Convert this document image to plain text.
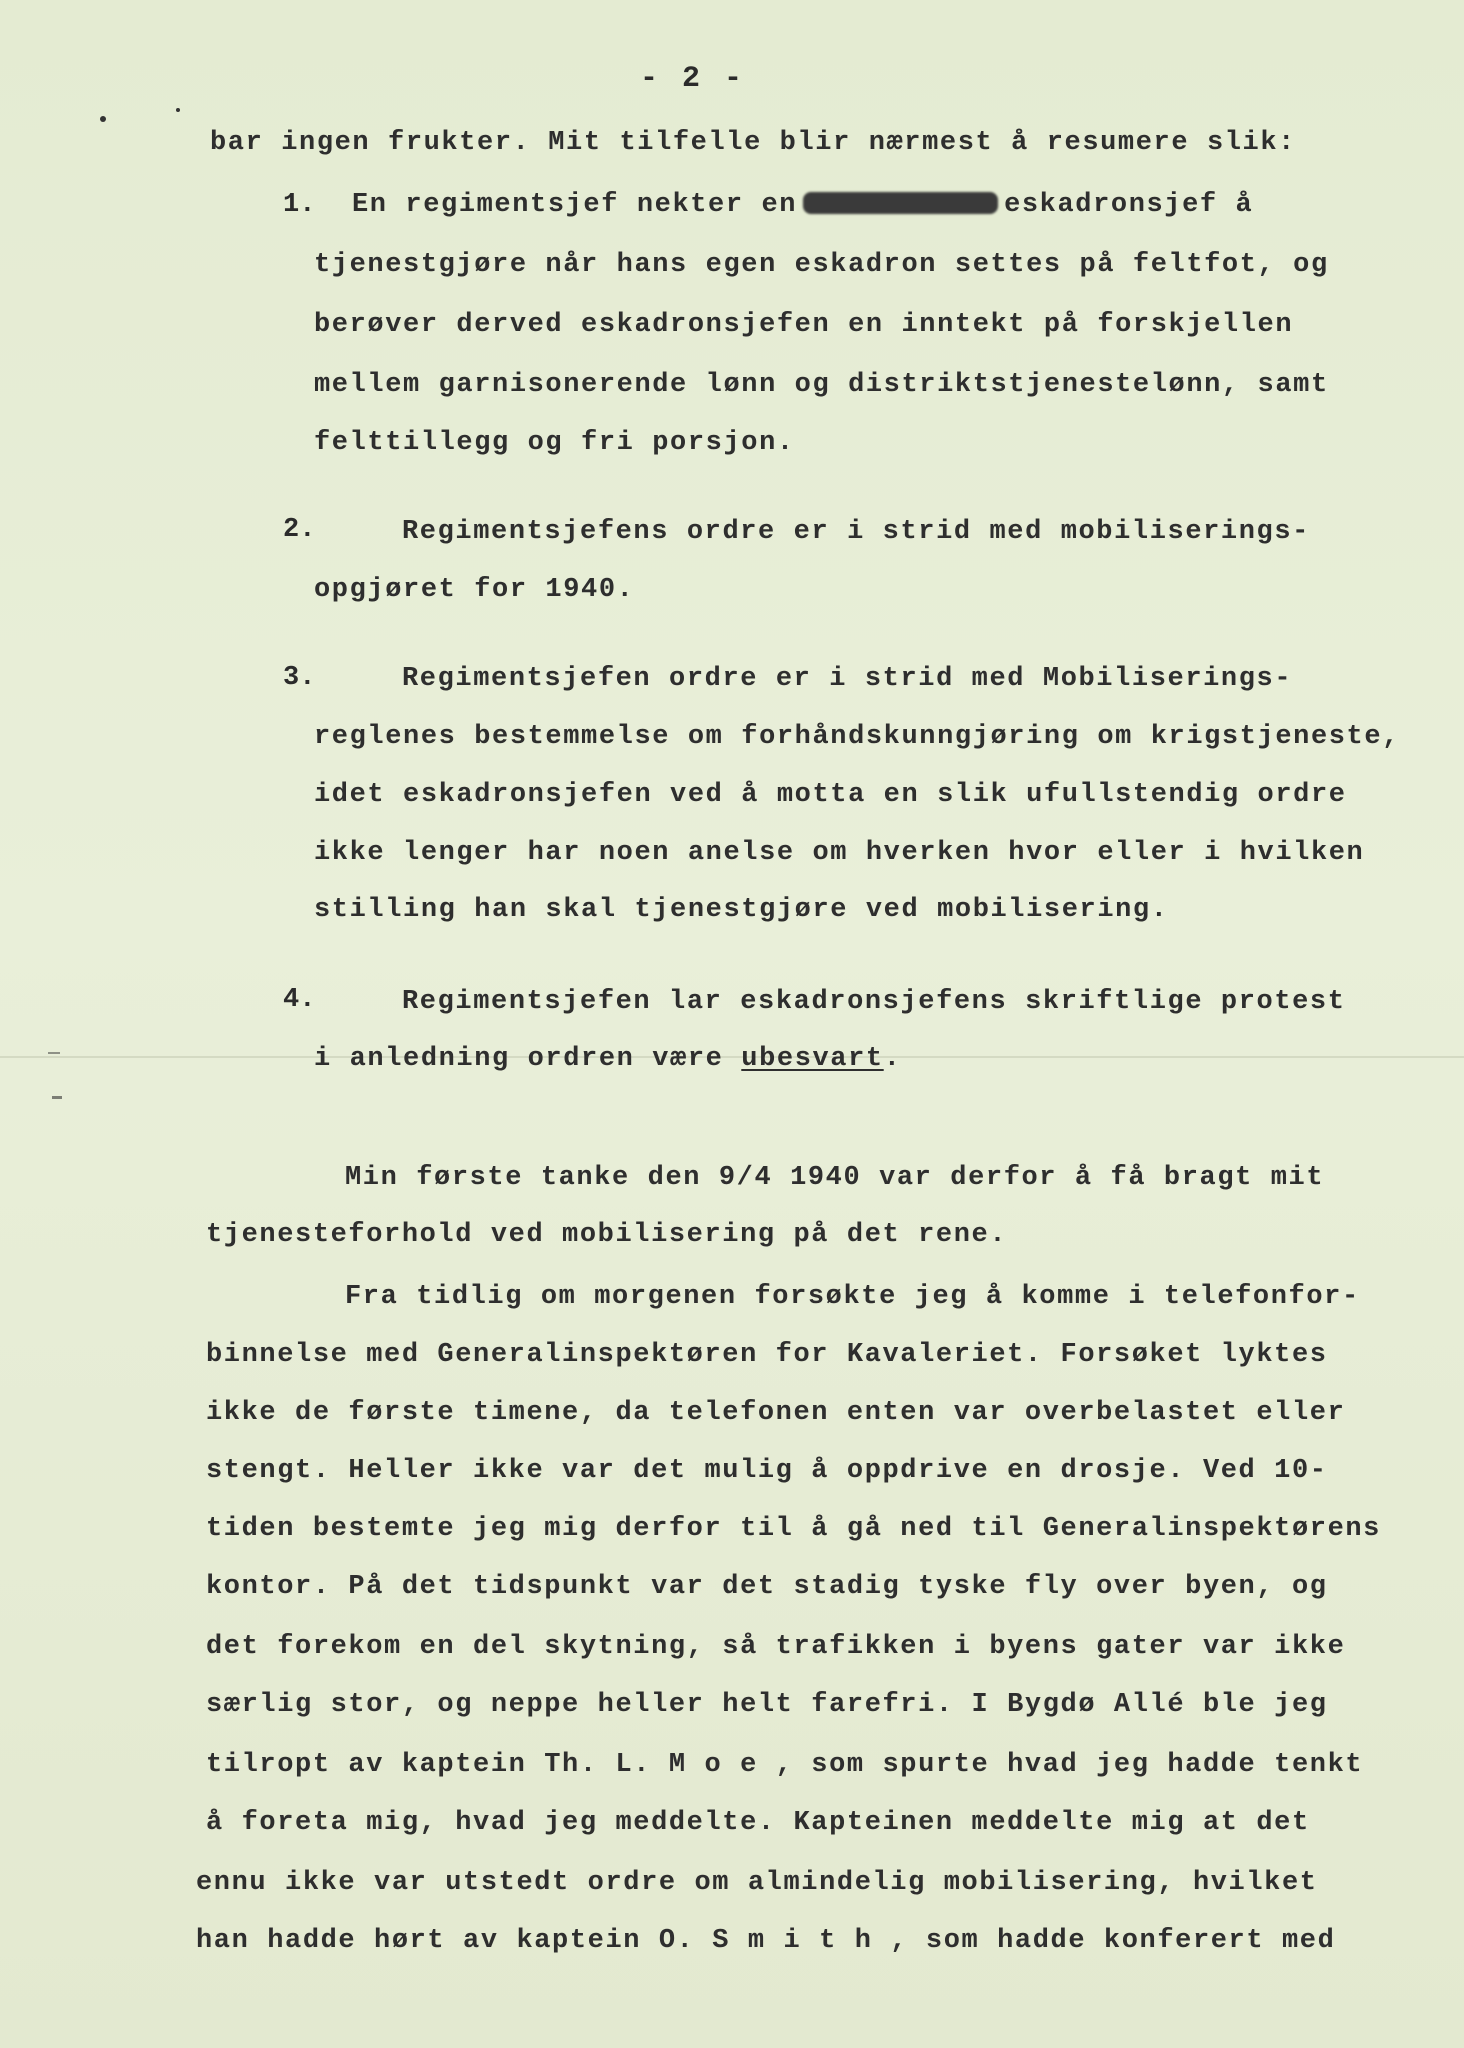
- 2 -
bar ingen frukter. Mit tilfelle blir nærmest å resumere slik:
1. En regimentsjef nekter en	eskadronsjef å
tjenestgjøre når hans egen eskadron settes på feltfot, og
berøver derved eskadronsjefen en inntekt på forskjellen
mellem garnisonerende lønn og distriktstjenestelønn, samt
felttillegg og fri porsjon.
2.	Regimentsjefens ordre er i strid med mobiliserings-
opgjøret for 1940.
3.	Regimentsjefen ordre er i strid med Mobiliserings-
reglenes bestemmelse om forhåndskunngjøring om krigstjeneste,
idet eskadronsjefen ved å motta en slik ufullstendig ordre
ikke lenger har noen anelse om hverken hvor eller i hvilken
stilling han skal tjenestgjøre ved mobilisering.
4.	Regimentsjefen lar eskadronsjefens skriftlige protest
i anledning ordren være ubesvart.
Min første tanke den 9/4 1940 var derfor å få bragt mit
tjenesteforhold ved mobilisering på det rene.
Fra tidlig om morgenen forsøkte jeg å komme i telefonfor-
binnelse med Generalinspektøren for Kavaleriet. Forsøket lyktes
ikke de første timene, da telefonen enten var overbelastet eller
stengt. Heller ikke var det mulig å oppdrive en drosje. Ved 10-
tiden bestemte jeg mig derfor til å gå ned til Generalinspektørens
kontor. På det tidspunkt var det stadig tyske fly over byen, og
det forekom en del skytning, så trafikken i byens gater var ikke
særlig stor, og neppe heller helt farefri. I Bygdø Allé ble jeg
tilropt av kaptein Th. L. M o e , som spurte hvad jeg hadde tenkt
å foreta mig, hvad jeg meddelte. Kapteinen meddelte mig at det
ennu ikke var utstedt ordre om almindelig mobilisering, hvilket
han hadde hørt av kaptein O. S m i t h , som hadde konferert med
